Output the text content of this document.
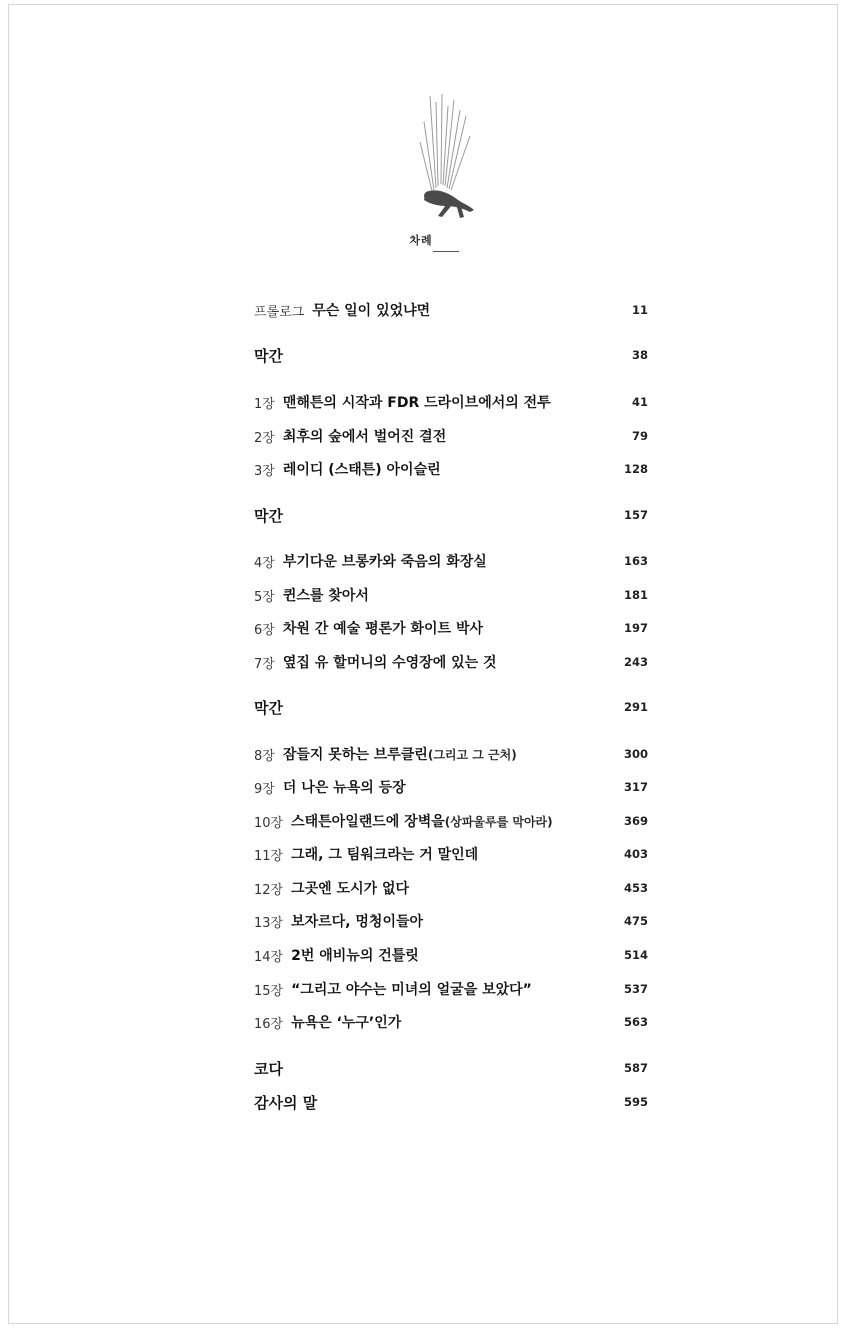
차례
프롤로그 무슨 일이 있었냐면	11
막간	38
1장 맨해튼의 시작과 FDR 드라이브에서의 전투	41
2장 최후의 숲에서 벌어진 결전	79
3장 레이디 (스태튼) 아이슬린	128
막간	157
4장 부기다운 브롱카와 죽음의 화장실	163
5장 퀸스를 찾아서	181
6장 차원 간 예술 평론가 화이트 박사	197
7장 옆집 유 할머니의 수영장에 있는 것	243
막간	291
8장 잠들지 못하는 브루클린 (그리고 그 근처)	300
9장 더 나은 뉴욕의 등장	317
10장 스태튼아일랜드에 장벽을 (상파울루를 막아라)	369
11장 그래, 그 팀워크라는 거 말인데	403
12장 그곳엔 도시가 없다	453
13장 보자르다, 멍청이들아	475
14장 2번 애비뉴의 건틀릿	514
15장 “그리고 야수는 미녀의 얼굴을 보았다”	537
16장 뉴욕은 ‘누구’인가	563
코다	587
감사의 말	595
